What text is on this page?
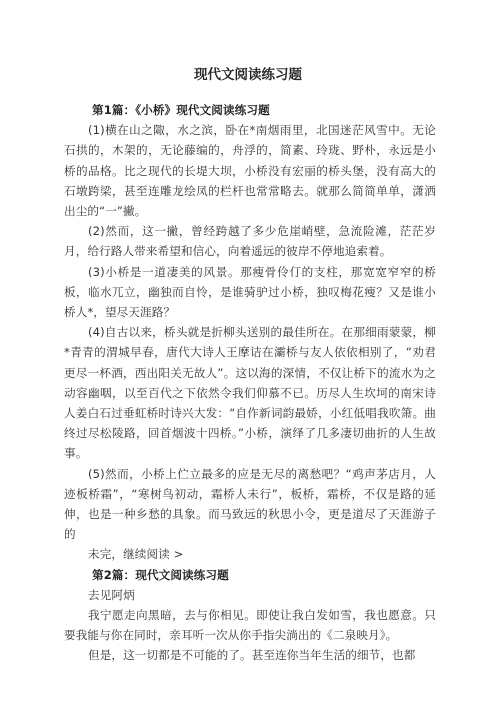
现代文阅读练习题

第1篇：《小桥》现代文阅读练习题

(1)横在山之陬，水之滨，卧在*南烟雨里，北国迷茫风雪中。无论石拱的，木架的，无论藤编的，舟浮的，简素、玲珑、野朴，永远是小桥的品格。比之现代的长堤大坝，小桥没有宏丽的桥头堡，没有高大的石墩跨梁，甚至连雕龙绘凤的栏杆也常常略去。就那么简简单单，潇洒出尘的“一”撇。

(2)然而，这一撇，曾经跨越了多少危崖峭壁，急流险滩，茫茫岁月，给行路人带来希望和信心，向着遥远的彼岸不停地追索着。

(3)小桥是一道凄美的风景。那瘦骨伶仃的支柱，那宽宽窄窄的桥板，临水兀立，幽独而自怜，是谁骑驴过小桥，独叹梅花瘦？又是谁小桥人*，望尽天涯路？

(4)自古以来，桥头就是折柳头送别的最佳所在。在那细雨蒙蒙，柳*青青的渭城早春，唐代大诗人王摩诘在灞桥与友人依依相别了，“劝君更尽一杯酒，西出阳关无故人”。这以海的深情，不仅让桥下的流水为之动容幽咽，以至百代之下依然令我们仰慕不已。历尽人生坎坷的南宋诗人姜白石过垂虹桥时诗兴大发：“自作新词韵最娇，小红低唱我吹箫。曲终过尽松陵路，回首烟波十四桥。”小桥，演绎了几多凄切曲折的人生故事。

(5)然而，小桥上伫立最多的应是无尽的离愁吧？“鸡声茅店月，人迹板桥霜”，“寒树鸟初动，霜桥人未行”，板桥，霜桥，不仅是路的延伸，也是一种乡愁的具象。而马致远的秋思小令，更是道尽了天涯游子的

未完，继续阅读 >

第2篇：现代文阅读练习题

去见阿炳

我宁愿走向黑暗，去与你相见。即使让我白发如雪，我也愿意。只要我能与你在同时，亲耳听一次从你手指尖淌出的《二泉映月》。

但是，这一切都是不可能的了。甚至连你当年生活的细节，也都
